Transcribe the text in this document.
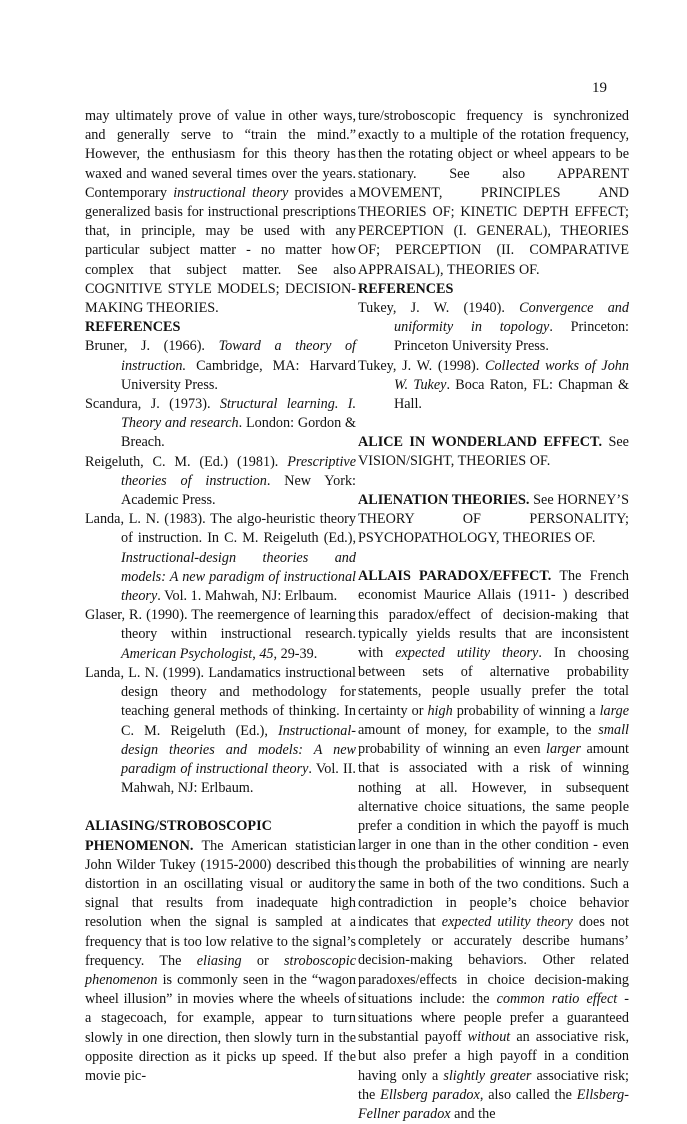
19

may ultimately prove of value in other ways, and generally serve to “train the mind.” However, the enthusiasm for this theory has waxed and waned several times over the years. Contemporary instructional theory provides a generalized basis for instructional prescriptions that, in principle, may be used with any particular subject matter - no matter how complex that subject matter. See also COGNITIVE STYLE MODELS; DECISION-MAKING THEORIES.

REFERENCES

Bruner, J. (1966). Toward a theory of instruction. Cambridge, MA: Harvard University Press.

Scandura, J. (1973). Structural learning. I. Theory and research. London: Gordon & Breach.

Reigeluth, C. M. (Ed.) (1981). Prescriptive theories of instruction. New York: Academic Press.

Landa, L. N. (1983). The algo-heuristic theory of instruction. In C. M. Reigeluth (Ed.), Instructional-design theories and models: A new paradigm of instructional theory. Vol. 1. Mahwah, NJ: Erlbaum.

Glaser, R. (1990). The reemergence of learning theory within instructional research. American Psychologist, 45, 29-39.

Landa, L. N. (1999). Landamatics instructional design theory and methodology for teaching general methods of thinking. In C. M. Reigeluth (Ed.), Instructional-design theories and models: A new paradigm of instructional theory. Vol. II. Mahwah, NJ: Erlbaum.

ALIASING/STROBOSCOPIC PHENOMENON. The American statistician John Wilder Tukey (1915-2000) described this distortion in an oscillating visual or auditory signal that results from inadequate high resolution when the signal is sampled at a frequency that is too low relative to the signal’s frequency. The eliasing or stroboscopic phenomenon is commonly seen in the “wagon wheel illusion” in movies where the wheels of a stagecoach, for example, appear to turn slowly in one direction, then slowly turn in the opposite direction as it picks up speed. If the movie pic-

ture/stroboscopic frequency is synchronized exactly to a multiple of the rotation frequency, then the rotating object or wheel appears to be stationary. See also APPARENT MOVEMENT, PRINCIPLES AND THEORIES OF; KINETIC DEPTH EFFECT; PERCEPTION (I. GENERAL), THEORIES OF; PERCEPTION (II. COMPARATIVE APPRAISAL), THEORIES OF.

REFERENCES

Tukey, J. W. (1940). Convergence and uniformity in topology. Princeton: Princeton University Press.

Tukey, J. W. (1998). Collected works of John W. Tukey. Boca Raton, FL: Chapman & Hall.

ALICE IN WONDERLAND EFFECT. See VISION/SIGHT, THEORIES OF.

ALIENATION THEORIES. See HORNEY’S THEORY OF PERSONALITY; PSYCHOPATHOLOGY, THEORIES OF.

ALLAIS PARADOX/EFFECT. The French economist Maurice Allais (1911- ) described this paradox/effect of decision-making that typically yields results that are inconsistent with expected utility theory. In choosing between sets of alternative probability statements, people usually prefer the total certainty or high probability of winning a large amount of money, for example, to the small probability of winning an even larger amount that is associated with a risk of winning nothing at all. However, in subsequent alternative choice situations, the same people prefer a condition in which the payoff is much larger in one than in the other condition - even though the probabilities of winning are nearly the same in both of the two conditions. Such a contradiction in people’s choice behavior indicates that expected utility theory does not completely or accurately describe humans’ decision-making behaviors. Other related paradoxes/effects in choice decision-making situations include: the common ratio effect - situations where people prefer a guaranteed substantial payoff without an associative risk, but also prefer a high payoff in a condition having only a slightly greater associative risk; the Ellsberg paradox, also called the Ellsberg-Fellner paradox and the
